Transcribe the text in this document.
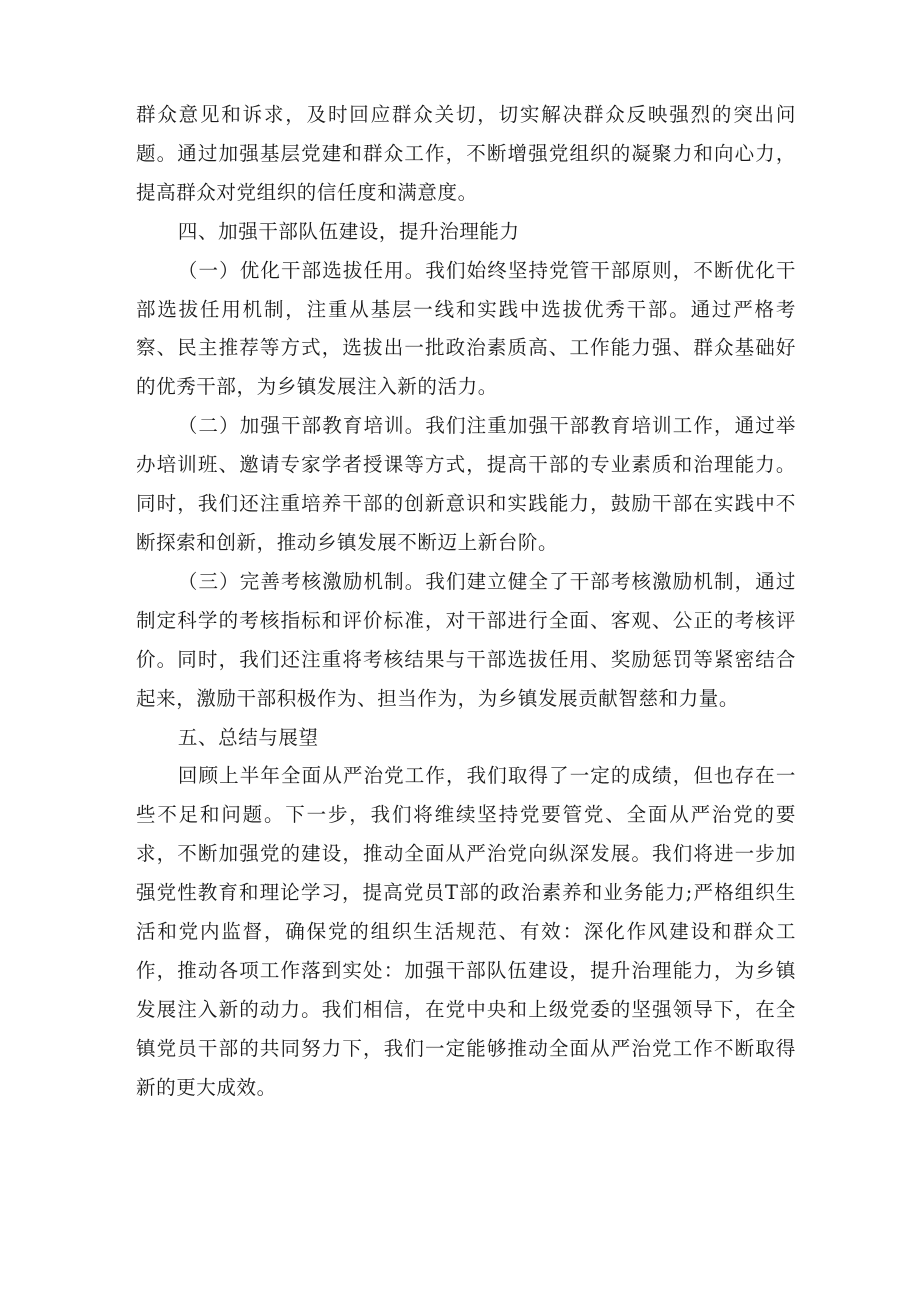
群众意见和诉求，及时回应群众关切，切实解决群众反映强烈的突出问题。通过加强基层党建和群众工作，不断增强党组织的凝聚力和向心力，提高群众对党组织的信任度和满意度。

四、加强干部队伍建设，提升治理能力

（一）优化干部选拔任用。我们始终坚持党管干部原则，不断优化干部选拔任用机制，注重从基层一线和实践中选拔优秀干部。通过严格考察、民主推荐等方式，选拔出一批政治素质高、工作能力强、群众基础好的优秀干部，为乡镇发展注入新的活力。

（二）加强干部教育培训。我们注重加强干部教育培训工作，通过举办培训班、邀请专家学者授课等方式，提高干部的专业素质和治理能力。同时，我们还注重培养干部的创新意识和实践能力，鼓励干部在实践中不断探索和创新，推动乡镇发展不断迈上新台阶。

（三）完善考核激励机制。我们建立健全了干部考核激励机制，通过制定科学的考核指标和评价标准，对干部进行全面、客观、公正的考核评价。同时，我们还注重将考核结果与干部选拔任用、奖励惩罚等紧密结合起来，激励干部积极作为、担当作为，为乡镇发展贡献智慈和力量。

五、总结与展望

回顾上半年全面从严治党工作，我们取得了一定的成绩，但也存在一些不足和问题。下一步，我们将维续坚持党要管党、全面从严治党的要求，不断加强党的建设，推动全面从严治党向纵深发展。我们将进一步加强党性教育和理论学习，提高党员T部的政治素养和业务能力;严格组织生活和党内监督，确保党的组织生活规范、有效：深化作风建设和群众工作，推动各项工作落到实处：加强干部队伍建设，提升治理能力，为乡镇发展注入新的动力。我们相信，在党中央和上级党委的坚强领导下，在全镇党员干部的共同努力下，我们一定能够推动全面从严治党工作不断取得新的更大成效。
